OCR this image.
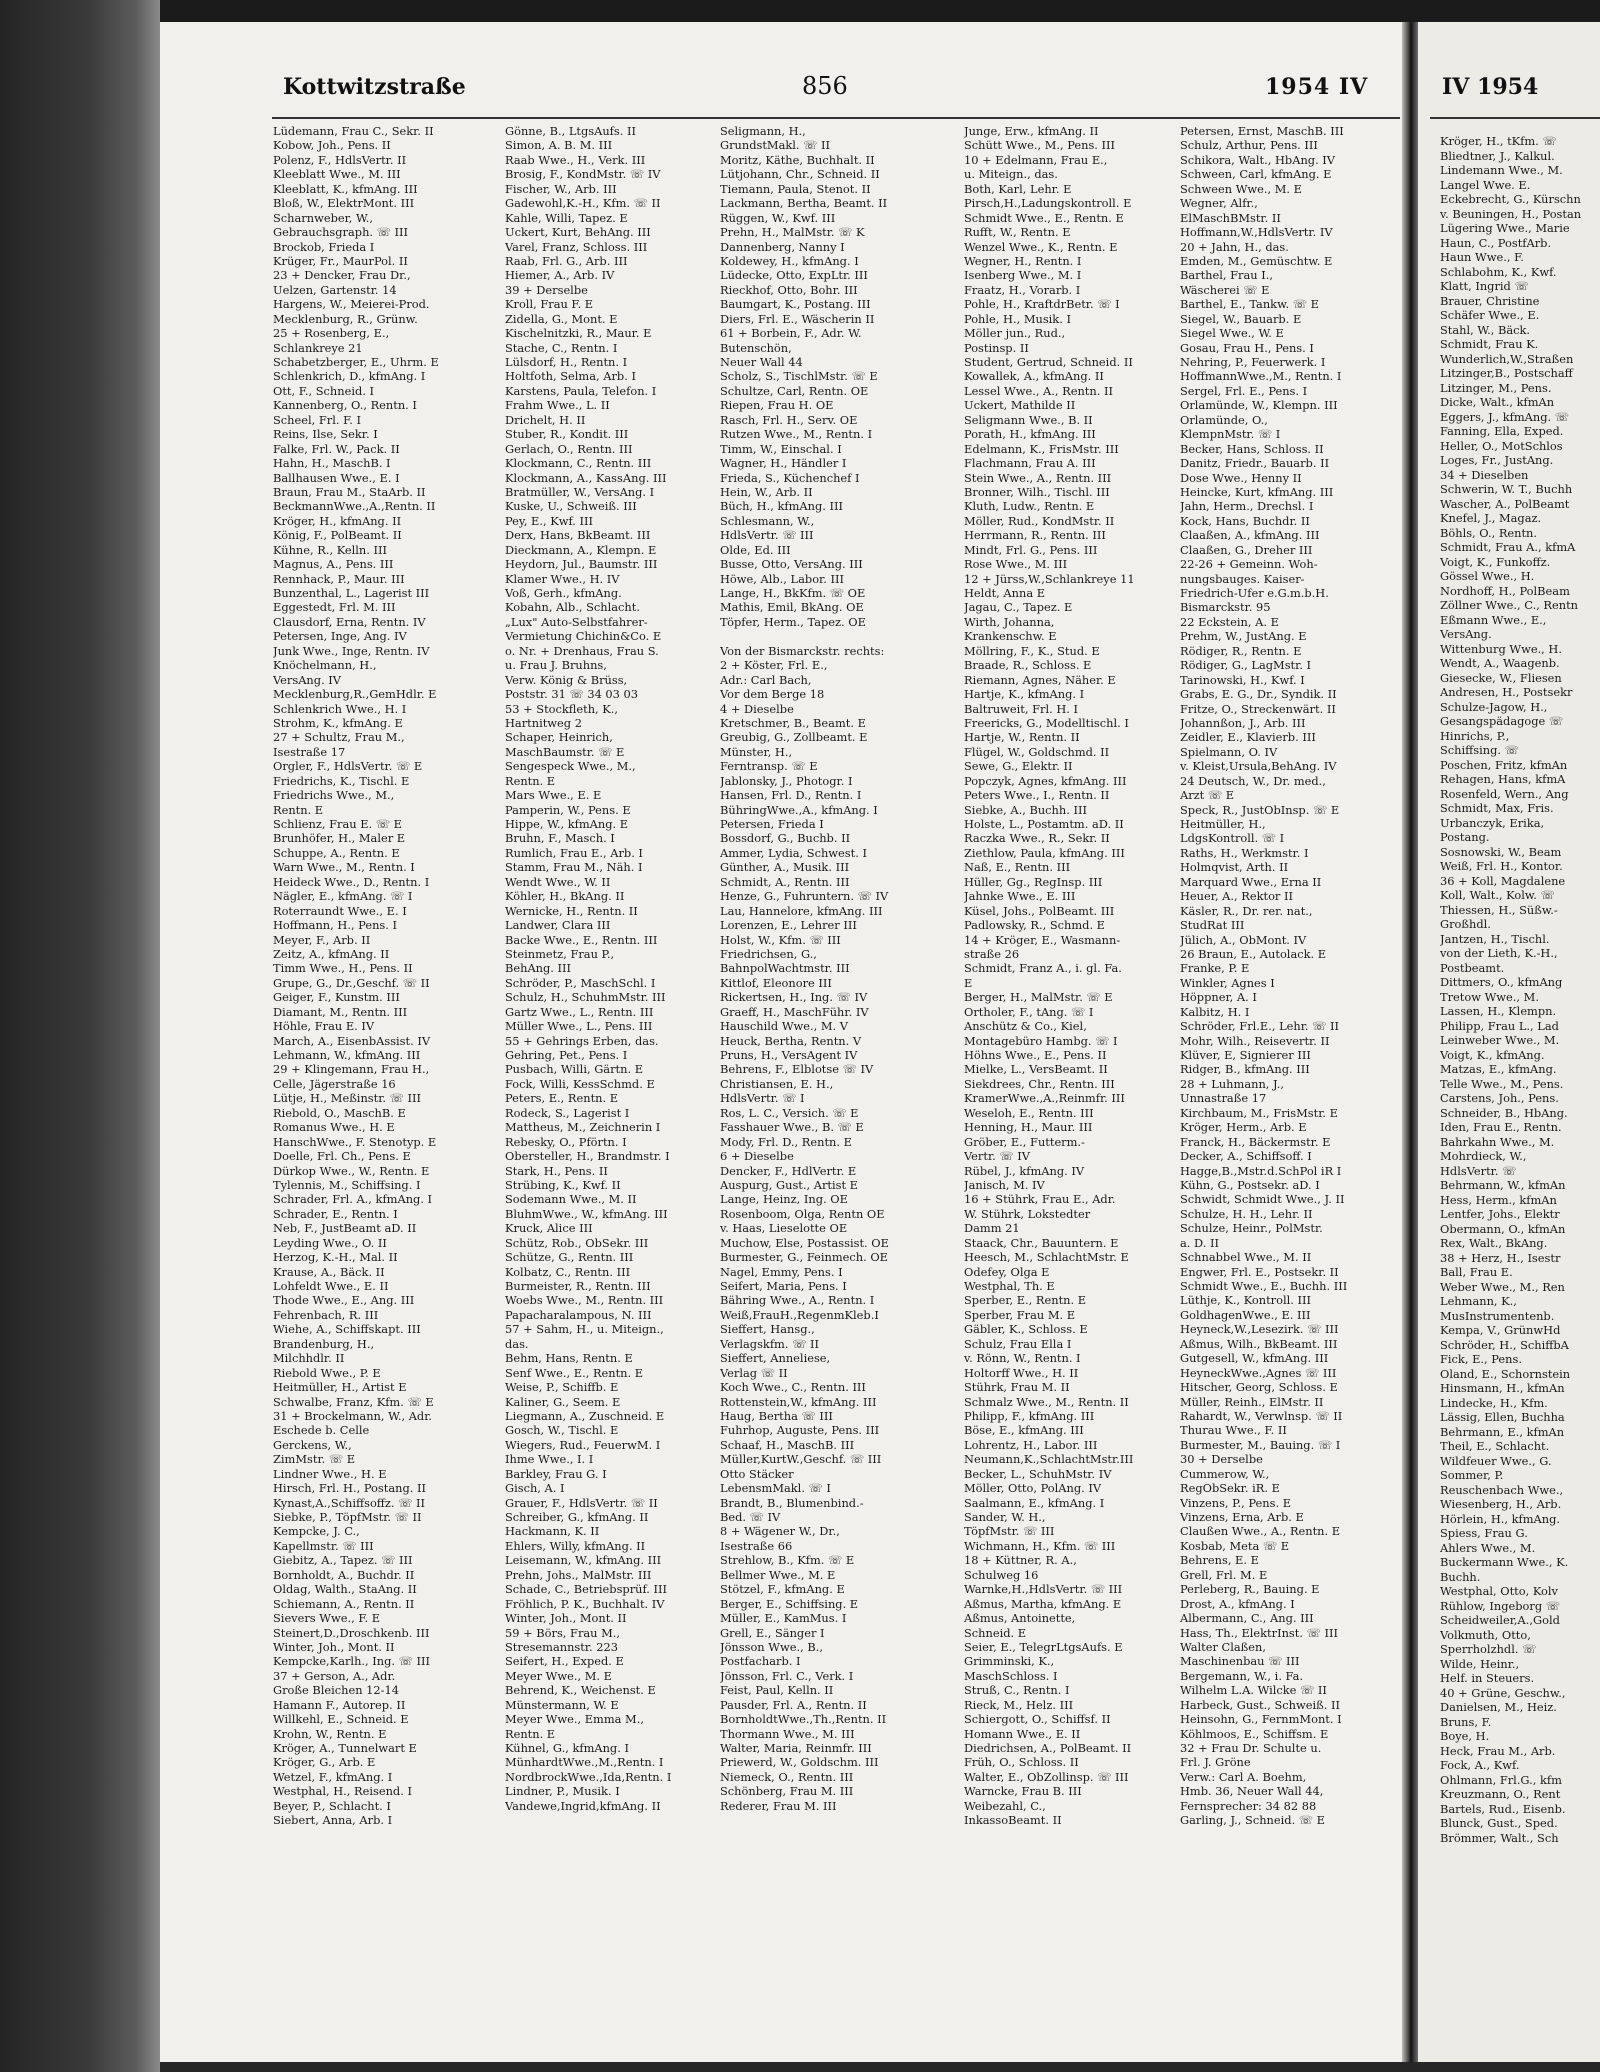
Kottwitzstraße	856	1954 IV
Lüdemann, Frau C., Sekr. II
Kobow, Joh., Pens. II
Polenz, F., HdlsVertr. II
Kleeblatt Wwe., M. III
Kleeblatt, K., kfmAng. III
Bloß, W., ElektrMont. III
Scharnweber, W.,
Gebrauchsgraph. ☏ III
Brockob, Frieda I
Krüger, Fr., MaurPol. II
23 + Dencker, Frau Dr.,
Uelzen, Gartenstr. 14
Hargens, W., Meierei-Prod.
Mecklenburg, R., Grünw.
25 + Rosenberg, E.,
Schlankreye 21
Schabetzberger, E., Uhrm. E
Schlenkrich, D., kfmAng. I
Ott, F., Schneid. I
Kannenberg, O., Rentn. I
Scheel, Frl. F. I
Reins, Ilse, Sekr. I
Falke, Frl. W., Pack. II
Hahn, H., MaschB. I
Ballhausen Wwe., E. I
Braun, Frau M., StaArb. II
BeckmannWwe.,A.,Rentn. II
Kröger, H., kfmAng. II
König, F., PolBeamt. II
Kühne, R., Kelln. III
Magnus, A., Pens. III
Rennhack, P., Maur. III
Bunzenthal, L., Lagerist III
Eggestedt, Frl. M. III
Clausdorf, Erna, Rentn. IV
Petersen, Inge, Ang. IV
Junk Wwe., Inge, Rentn. IV
Knöchelmann, H.,
VersAng. IV
Mecklenburg,R.,GemHdlr. E
Schlenkrich Wwe., H. I
Strohm, K., kfmAng. E
27 + Schultz, Frau M.,
Isestraße 17
Orgler, F., HdlsVertr. ☏ E
Friedrichs, K., Tischl. E
Friedrichs Wwe., M.,
Rentn. E
Schlienz, Frau E. ☏ E
Brunhöfer, H., Maler E
Schuppe, A., Rentn. E
Warn Wwe., M., Rentn. I
Heideck Wwe., D., Rentn. I
Nägler, E., kfmAng. ☏ I
Roterraundt Wwe., E. I
Hoffmann, H., Pens. I
Meyer, F., Arb. II
Zeitz, A., kfmAng. II
Timm Wwe., H., Pens. II
Grupe, G., Dr.,Geschf. ☏ II
Geiger, F., Kunstm. III
Diamant, M., Rentn. III
Höhle, Frau E. IV
March, A., EisenbAssist. IV
Lehmann, W., kfmAng. III
29 + Klingemann, Frau H.,
Celle, Jägerstraße 16
Lütje, H., Meßinstr. ☏ III
Riebold, O., MaschB. E
Romanus Wwe., H. E
HanschWwe., F. Stenotyp. E
Doelle, Frl. Ch., Pens. E
Dürkop Wwe., W., Rentn. E
Tylennis, M., Schiffsing. I
Schrader, Frl. A., kfmAng. I
Schrader, E., Rentn. I
Neb, F., JustBeamt aD. II
Leyding Wwe., O. II
Herzog, K.-H., Mal. II
Krause, A., Bäck. II
Lohfeldt Wwe., E. II
Thode Wwe., E., Ang. III
Fehrenbach, R. III
Wiehe, A., Schiffskapt. III
Brandenburg, H.,
Milchhdlr. II
Riebold Wwe., P. E
Heitmüller, H., Artist E
Schwalbe, Franz, Kfm. ☏ E
31 + Brockelmann, W., Adr.
Eschede b. Celle
Gerckens, W.,
ZimMstr. ☏ E
Lindner Wwe., H. E
Hirsch, Frl. H., Postang. II
Kynast,A.,Schiffsoffz. ☏ II
Siebke, P., TöpfMstr. ☏ II
Kempcke, J. C.,
Kapellmstr. ☏ III
Giebitz, A., Tapez. ☏ III
Bornholdt, A., Buchdr. II
Oldag, Walth., StaAng. II
Schiemann, A., Rentn. II
Sievers Wwe., F. E
Steinert,D.,Droschkenb. III
Winter, Joh., Mont. II
Kempcke,Karlh., Ing. ☏ III
37 + Gerson, A., Adr.
Große Bleichen 12-14
Hamann F., Autorep. II
Willkehl, E., Schneid. E
Krohn, W., Rentn. E
Kröger, A., Tunnelwart E
Kröger, G., Arb. E
Wetzel, F., kfmAng. I
Westphal, H., Reisend. I
Beyer, P., Schlacht. I
Siebert, Anna, Arb. I
Gönne, B., LtgsAufs. II
Simon, A. B. M. III
Raab Wwe., H., Verk. III
Brosig, F., KondMstr. ☏ IV
Fischer, W., Arb. III
Gadewohl,K.-H., Kfm. ☏ II
Kahle, Willi, Tapez. E
Uckert, Kurt, BehAng. III
Varel, Franz, Schloss. III
Raab, Frl. G., Arb. III
Hiemer, A., Arb. IV
39 + Derselbe
Kroll, Frau F. E
Zidella, G., Mont. E
Kischelnitzki, R., Maur. E
Stache, C., Rentn. I
Lülsdorf, H., Rentn. I
Holtfoth, Selma, Arb. I
Karstens, Paula, Telefon. I
Frahm Wwe., L. II
Drichelt, H. II
Stuber, R., Kondit. III
Gerlach, O., Rentn. III
Klockmann, C., Rentn. III
Klockmann, A., KassAng. III
Bratmüller, W., VersAng. I
Kuske, U., Schweiß. III
Pey, E., Kwf. III
Derx, Hans, BkBeamt. III
Dieckmann, A., Klempn. E
Heydorn, Jul., Baumstr. III
Klamer Wwe., H. IV
Voß, Gerh., kfmAng.
Kobahn, Alb., Schlacht.
„Lux" Auto-Selbstfahrer-
Vermietung Chichin&Co. E
o. Nr. + Drenhaus, Frau S.
u. Frau J. Bruhns,
Verw. König & Brüss,
Poststr. 31 ☏ 34 03 03
53 + Stockfleth, K.,
Hartnitweg 2
Schaper, Heinrich,
MaschBaumstr. ☏ E
Sengespeck Wwe., M.,
Rentn. E
Mars Wwe., E. E
Pamperin, W., Pens. E
Hippe, W., kfmAng. E
Bruhn, F., Masch. I
Rumlich, Frau E., Arb. I
Stamm, Frau M., Näh. I
Wendt Wwe., W. II
Köhler, H., BkAng. II
Wernicke, H., Rentn. II
Landwer, Clara III
Backe Wwe., E., Rentn. III
Steinmetz, Frau P.,
BehAng. III
Schröder, P., MaschSchl. I
Schulz, H., SchuhmMstr. III
Gartz Wwe., L., Rentn. III
Müller Wwe., L., Pens. III
55 + Gehrings Erben, das.
Gehring, Pet., Pens. I
Pusbach, Willi, Gärtn. E
Fock, Willi, KessSchmd. E
Peters, E., Rentn. E
Rodeck, S., Lagerist I
Mattheus, M., Zeichnerin I
Rebesky, O., Pförtn. I
Obersteller, H., Brandmstr. I
Stark, H., Pens. II
Strübing, K., Kwf. II
Sodemann Wwe., M. II
BluhmWwe., W., kfmAng. III
Kruck, Alice III
Schütz, Rob., ObSekr. III
Schütze, G., Rentn. III
Kolbatz, C., Rentn. III
Burmeister, R., Rentn. III
Woebs Wwe., M., Rentn. III
Papacharalampous, N. III
57 + Sahm, H., u. Miteign.,
das.
Behm, Hans, Rentn. E
Senf Wwe., E., Rentn. E
Weise, P., Schiffb. E
Kaliner, G., Seem. E
Liegmann, A., Zuschneid. E
Gosch, W., Tischl. E
Wiegers, Rud., FeuerwM. I
Ihme Wwe., I. I
Barkley, Frau G. I
Gisch, A. I
Grauer, F., HdlsVertr. ☏ II
Schreiber, G., kfmAng. II
Hackmann, K. II
Ehlers, Willy, kfmAng. II
Leisemann, W., kfmAng. III
Prehn, Johs., MalMstr. III
Schade, C., Betriebsprüf. III
Fröhlich, P. K., Buchhalt. IV
Winter, Joh., Mont. II
59 + Börs, Frau M.,
Stresemannstr. 223
Seifert, H., Exped. E
Meyer Wwe., M. E
Behrend, K., Weichenst. E
Münstermann, W. E
Meyer Wwe., Emma M.,
Rentn. E
Kühnel, G., kfmAng. I
MünhardtWwe.,M.,Rentn. I
NordbrockWwe.,Ida,Rentn. I
Lindner, P., Musik. I
Vandewe,Ingrid,kfmAng. II
Seligmann, H.,
GrundstMakl. ☏ II
Moritz, Käthe, Buchhalt. II
Lütjohann, Chr., Schneid. II
Tiemann, Paula, Stenot. II
Lackmann, Bertha, Beamt. II
Rüggen, W., Kwf. III
Prehn, H., MalMstr. ☏ K
Dannenberg, Nanny I
Koldewey, H., kfmAng. I
Lüdecke, Otto, ExpLtr. III
Rieckhof, Otto, Bohr. III
Baumgart, K., Postang. III
Diers, Frl. E., Wäscherin II
61 + Borbein, F., Adr. W.
Butenschön,
Neuer Wall 44
Scholz, S., TischlMstr. ☏ E
Schultze, Carl, Rentn. OE
Riepen, Frau H. OE
Rasch, Frl. H., Serv. OE
Rutzen Wwe., M., Rentn. I
Timm, W., Einschal. I
Wagner, H., Händler I
Frieda, S., Küchenchef I
Hein, W., Arb. II
Büch, H., kfmAng. III
Schlesmann, W.,
HdlsVertr. ☏ III
Olde, Ed. III
Busse, Otto, VersAng. III
Höwe, Alb., Labor. III
Lange, H., BkKfm. ☏ OE
Mathis, Emil, BkAng. OE
Töpfer, Herm., Tapez. OE
Von der Bismarckstr. rechts:
2 + Köster, Frl. E.,
Adr.: Carl Bach,
Vor dem Berge 18
4 + Dieselbe
Kretschmer, B., Beamt. E
Greubig, G., Zollbeamt. E
Münster, H.,
Ferntransp. ☏ E
Jablonsky, J., Photogr. I
Hansen, Frl. D., Rentn. I
BühringWwe.,A., kfmAng. I
Petersen, Frieda I
Bossdorf, G., Buchb. II
Ammer, Lydia, Schwest. I
Günther, A., Musik. III
Schmidt, A., Rentn. III
Henze, G., Fuhruntern. ☏ IV
Lau, Hannelore, kfmAng. III
Lorenzen, E., Lehrer III
Holst, W., Kfm. ☏ III
Friedrichsen, G.,
BahnpolWachtmstr. III
Kittlof, Eleonore III
Rickertsen, H., Ing. ☏ IV
Graeff, H., MaschFühr. IV
Hauschild Wwe., M. V
Heuck, Bertha, Rentn. V
Pruns, H., VersAgent IV
Behrens, F., Elblotse ☏ IV
Christiansen, E. H.,
HdlsVertr. ☏ I
Ros, L. C., Versich. ☏ E
Fasshauer Wwe., B. ☏ E
Mody, Frl. D., Rentn. E
6 + Dieselbe
Dencker, F., HdlVertr. E
Auspurg, Gust., Artist E
Lange, Heinz, Ing. OE
Rosenboom, Olga, Rentn OE
v. Haas, Lieselotte OE
Muchow, Else, Postassist. OE
Burmester, G., Feinmech. OE
Nagel, Emmy, Pens. I
Seifert, Maria, Pens. I
Bähring Wwe., A., Rentn. I
Weiß,FrauH.,RegenmKleb.I
Sieffert, Hansg.,
Verlagskfm. ☏ II
Sieffert, Anneliese,
Verlag ☏ II
Koch Wwe., C., Rentn. III
Rottenstein,W., kfmAng. III
Haug, Bertha ☏ III
Fuhrhop, Auguste, Pens. III
Schaaf, H., MaschB. III
Müller,KurtW.,Geschf. ☏ III
Otto Stäcker
LebensmMakl. ☏ I
Brandt, B., Blumenbind.-
Bed. ☏ IV
8 + Wägener W., Dr.,
Isestraße 66
Strehlow, B., Kfm. ☏ E
Bellmer Wwe., M. E
Stötzel, F., kfmAng. E
Berger, E., Schiffsing. E
Müller, E., KamMus. I
Grell, E., Sänger I
Jönsson Wwe., B.,
Postfacharb. I
Jönsson, Frl. C., Verk. I
Feist, Paul, Kelln. II
Pausder, Frl. A., Rentn. II
BornholdtWwe.,Th.,Rentn. II
Thormann Wwe., M. III
Walter, Maria, Reinmfr. III
Priewerd, W., Goldschm. III
Niemeck, O., Rentn. III
Schönberg, Frau M. III
Rederer, Frau M. III
Junge, Erw., kfmAng. II
Schütt Wwe., M., Pens. III
10 + Edelmann, Frau E.,
u. Miteign., das.
Both, Karl, Lehr. E
Pirsch,H.,Ladungskontroll. E
Schmidt Wwe., E., Rentn. E
Rufft, W., Rentn. E
Wenzel Wwe., K., Rentn. E
Wegner, H., Rentn. I
Isenberg Wwe., M. I
Fraatz, H., Vorarb. I
Pohle, H., KraftdrBetr. ☏ I
Pohle, H., Musik. I
Möller jun., Rud.,
Postinsp. II
Student, Gertrud, Schneid. II
Kowallek, A., kfmAng. II
Lessel Wwe., A., Rentn. II
Uckert, Mathilde II
Seligmann Wwe., B. II
Porath, H., kfmAng. III
Edelmann, K., FrisMstr. III
Flachmann, Frau A. III
Stein Wwe., A., Rentn. III
Bronner, Wilh., Tischl. III
Kluth, Ludw., Rentn. E
Möller, Rud., KondMstr. II
Herrmann, R., Rentn. III
Mindt, Frl. G., Pens. III
Rose Wwe., M. III
12 + Jürss,W.,Schlankreye 11
Heldt, Anna E
Jagau, C., Tapez. E
Wirth, Johanna,
Krankenschw. E
Möllring, F., K., Stud. E
Braade, R., Schloss. E
Riemann, Agnes, Näher. E
Hartje, K., kfmAng. I
Baltruweit, Frl. H. I
Freericks, G., Modelltischl. I
Hartje, W., Rentn. II
Flügel, W., Goldschmd. II
Sewe, G., Elektr. II
Popczyk, Agnes, kfmAng. III
Peters Wwe., I., Rentn. II
Siebke, A., Buchh. III
Holste, L., Postamtm. aD. II
Raczka Wwe., R., Sekr. II
Ziethlow, Paula, kfmAng. III
Naß, E., Rentn. III
Hüller, Gg., RegInsp. III
Jahnke Wwe., E. III
Küsel, Johs., PolBeamt. III
Padlowsky, R., Schmd. E
14 + Kröger, E., Wasmann-
straße 26
Schmidt, Franz A., i. gl. Fa.
E
Berger, H., MalMstr. ☏ E
Ortholer, F., tAng. ☏ I
Anschütz & Co., Kiel,
Montagebüro Hambg. ☏ I
Höhns Wwe., E., Pens. II
Mielke, L., VersBeamt. II
Siekdrees, Chr., Rentn. III
KramerWwe.,A.,Reinmfr. III
Weseloh, E., Rentn. III
Henning, H., Maur. III
Gröber, E., Futterm.-
Vertr. ☏ IV
Rübel, J., kfmAng. IV
Janisch, M. IV
16 + Stührk, Frau E., Adr.
W. Stührk, Lokstedter
Damm 21
Staack, Chr., Bauuntern. E
Heesch, M., SchlachtMstr. E
Odefey, Olga E
Westphal, Th. E
Sperber, E., Rentn. E
Sperber, Frau M. E
Gäbler, K., Schloss. E
Schulz, Frau Ella I
v. Rönn, W., Rentn. I
Holtorff Wwe., H. II
Stührk, Frau M. II
Schmalz Wwe., M., Rentn. II
Philipp, F., kfmAng. III
Böse, E., kfmAng. III
Lohrentz, H., Labor. III
Neumann,K.,SchlachtMstr.III
Becker, L., SchuhMstr. IV
Möller, Otto, PolAng. IV
Saalmann, E., kfmAng. I
Sander, W. H.,
TöpfMstr. ☏ III
Wichmann, H., Kfm. ☏ III
18 + Küttner, R. A.,
Schulweg 16
Warnke,H.,HdlsVertr. ☏ III
Aßmus, Martha, kfmAng. E
Aßmus, Antoinette,
Schneid. E
Seier, E., TelegrLtgsAufs. E
Grimminski, K.,
MaschSchloss. I
Struß, C., Rentn. I
Rieck, M., Helz. III
Schiergott, O., Schiffsf. II
Homann Wwe., E. II
Diedrichsen, A., PolBeamt. II
Früh, O., Schloss. II
Walter, E., ObZollinsp. ☏ III
Warncke, Frau B. III
Weibezahl, C.,
InkassoBeamt. II
Petersen, Ernst, MaschB. III
Schulz, Arthur, Pens. III
Schikora, Walt., HbAng. IV
Schween, Carl, kfmAng. E
Schween Wwe., M. E
Wegner, Alfr.,
ElMaschBMstr. II
Hoffmann,W.,HdlsVertr. IV
20 + Jahn, H., das.
Emden, M., Gemüschtw. E
Barthel, Frau I.,
Wäscherei ☏ E
Barthel, E., Tankw. ☏ E
Siegel, W., Bauarb. E
Siegel Wwe., W. E
Gosau, Frau H., Pens. I
Nehring, P., Feuerwerk. I
HoffmannWwe.,M., Rentn. I
Sergel, Frl. E., Pens. I
Orlamünde, W., Klempn. III
Orlamünde, O.,
KlempnMstr. ☏ I
Becker, Hans, Schloss. II
Danitz, Friedr., Bauarb. II
Dose Wwe., Henny II
Heincke, Kurt, kfmAng. III
Jahn, Herm., Drechsl. I
Kock, Hans, Buchdr. II
Claaßen, A., kfmAng. III
Claaßen, G., Dreher III
22-26 + Gemeinn. Woh-
nungsbauges. Kaiser-
Friedrich-Ufer e.G.m.b.H.
Bismarckstr. 95
22 Eckstein, A. E
Prehm, W., JustAng. E
Rödiger, R., Rentn. E
Rödiger, G., LagMstr. I
Tarinowski, H., Kwf. I
Grabs, E. G., Dr., Syndik. II
Fritze, O., Streckenwärt. II
Johannßon, J., Arb. III
Zeidler, E., Klavierb. III
Spielmann, O. IV
v. Kleist,Ursula,BehAng. IV
24 Deutsch, W., Dr. med.,
Arzt ☏ E
Speck, R., JustObInsp. ☏ E
Heitmüller, H.,
LdgsKontroll. ☏ I
Raths, H., Werkmstr. I
Holmqvist, Arth. II
Marquard Wwe., Erna II
Heuer, A., Rektor II
Käsler, R., Dr. rer. nat.,
StudRat III
Jülich, A., ObMont. IV
26 Braun, E., Autolack. E
Franke, P. E
Winkler, Agnes I
Höppner, A. I
Kalbitz, H. I
Schröder, Frl.E., Lehr. ☏ II
Mohr, Wilh., Reisevertr. II
Klüver, E, Signierer III
Ridger, B., kfmAng. III
28 + Luhmann, J.,
Unnastraße 17
Kirchbaum, M., FrisMstr. E
Kröger, Herm., Arb. E
Franck, H., Bäckermstr. E
Decker, A., Schiffsoff. I
Hagge,B.,Mstr.d.SchPol iR I
Kühn, G., Postsekr. aD. I
Schwidt, Schmidt Wwe., J. II
Schulze, H. H., Lehr. II
Schulze, Heinr., PolMstr.
a. D. II
Schnabbel Wwe., M. II
Engwer, Frl. E., Postsekr. II
Schmidt Wwe., E., Buchh. III
Lüthje, K., Kontroll. III
GoldhagenWwe., E. III
Heyneck,W.,Lesezirk. ☏ III
Aßmus, Wilh., BkBeamt. III
Gutgesell, W., kfmAng. III
HeyneckWwe.,Agnes ☏ III
Hitscher, Georg, Schloss. E
Müller, Reinh., ElMstr. II
Rahardt, W., Verwlnsp. ☏ II
Thurau Wwe., F. II
Burmester, M., Bauing. ☏ I
30 + Derselbe
Cummerow, W.,
RegObSekr. iR. E
Vinzens, P., Pens. E
Vinzens, Erna, Arb. E
Claußen Wwe., A., Rentn. E
Kosbab, Meta ☏ E
Behrens, E. E
Grell, Frl. M. E
Perleberg, R., Bauing. E
Drost, A., kfmAng. I
Albermann, C., Ang. III
Hass, Th., ElektrInst. ☏ III
Walter Claßen,
Maschinenbau ☏ III
Bergemann, W., i. Fa.
Wilhelm L.A. Wilcke ☏ II
Harbeck, Gust., Schweiß. II
Heinsohn, G., FernmMont. I
Köhlmoos, E., Schiffsm. E
32 + Frau Dr. Schulte u.
Frl. J. Gröne
Verw.: Carl A. Boehm,
Hmb. 36, Neuer Wall 44,
Fernsprecher: 34 82 88
Garling, J., Schneid. ☏ E
IV 1954
Kröger, H., tKfm. ☏
Bliedtner, J., Kalkul.
Lindemann Wwe., M.
Langel Wwe. E.
Eckebrecht, G., Kürschn
v. Beuningen, H., Postan
Lügering Wwe., Marie
Haun, C., PostfArb.
Haun Wwe., F.
Schlabohm, K., Kwf.
Klatt, Ingrid ☏
Brauer, Christine
Schäfer Wwe., E.
Stahl, W., Bäck.
Schmidt, Frau K.
Wunderlich,W.,Straßen
Litzinger,B., Postschaff
Litzinger, M., Pens.
Dicke, Walt., kfmAn
Eggers, J., kfmAng. ☏
Fanning, Ella, Exped.
Heller, O., MotSchlos
Loges, Fr., JustAng.
34 + Dieselben
Schwerin, W. T., Buchh
Wascher, A., PolBeamt
Knefel, J., Magaz.
Böhls, O., Rentn.
Schmidt, Frau A., kfmA
Voigt, K., Funkoffz.
Gössel Wwe., H.
Nordhoff, H., PolBeam
Zöllner Wwe., C., Rentn
Eßmann Wwe., E.,
VersAng.
Wittenburg Wwe., H.
Wendt, A., Waagenb.
Giesecke, W., Fliesen
Andresen, H., Postsekr
Schulze-Jagow, H.,
Gesangspädagoge ☏
Hinrichs, P.,
Schiffsing. ☏
Poschen, Fritz, kfmAn
Rehagen, Hans, kfmA
Rosenfeld, Wern., Ang
Schmidt, Max, Fris.
Urbanczyk, Erika,
Postang.
Sosnowski, W., Beam
Weiß, Frl. H., Kontor.
36 + Koll, Magdalene
Koll, Walt., Kolw. ☏
Thiessen, H., Süßw.-
Großhdl.
Jantzen, H., Tischl.
von der Lieth, K.-H.,
Postbeamt.
Dittmers, O., kfmAng
Tretow Wwe., M.
Lassen, H., Klempn.
Philipp, Frau L., Lad
Leinweber Wwe., M.
Voigt, K., kfmAng.
Matzas, E., kfmAng.
Telle Wwe., M., Pens.
Carstens, Joh., Pens.
Schneider, B., HbAng.
Iden, Frau E., Rentn.
Bahrkahn Wwe., M.
Mohrdieck, W.,
HdlsVertr. ☏
Behrmann, W., kfmAn
Hess, Herm., kfmAn
Lentfer, Johs., Elektr
Obermann, O., kfmAn
Rex, Walt., BkAng.
38 + Herz, H., Isestr
Ball, Frau E.
Weber Wwe., M., Ren
Lehmann, K.,
MusInstrumentenb.
Kempa, V., GrünwHd
Schröder, H., SchiffbA
Fick, E., Pens.
Oland, E., Schornstein
Hinsmann, H., kfmAn
Lindecke, H., Kfm.
Lässig, Ellen, Buchha
Behrmann, E., kfmAn
Theil, E., Schlacht.
Wildfeuer Wwe., G.
Sommer, P.
Reuschenbach Wwe.,
Wiesenberg, H., Arb.
Hörlein, H., kfmAng.
Spiess, Frau G.
Ahlers Wwe., M.
Buckermann Wwe., K.
Buchh.
Westphal, Otto, Kolv
Rühlow, Ingeborg ☏
Scheidweiler,A.,Gold
Volkmuth, Otto,
Sperrholzhdl. ☏
Wilde, Heinr.,
Helf. in Steuers.
40 + Grüne, Geschw.,
Danielsen, M., Heiz.
Bruns, F.
Boye, H.
Heck, Frau M., Arb.
Fock, A., Kwf.
Ohlmann, Frl.G., kfm
Kreuzmann, O., Rent
Bartels, Rud., Eisenb.
Blunck, Gust., Sped.
Brömmer, Walt., Sch
